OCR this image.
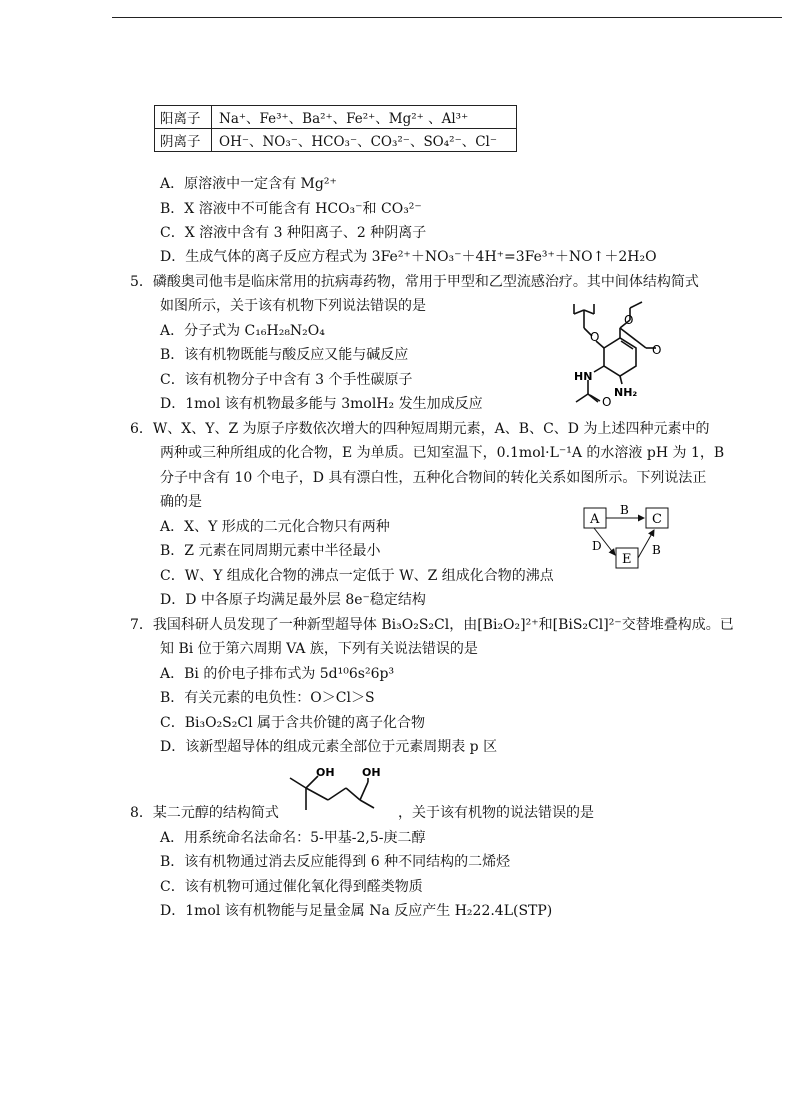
阳离子	Na⁺、Fe³⁺、Ba²⁺、Fe²⁺、Mg²⁺ 、Al³⁺
阴离子	OH⁻、NO₃⁻、HCO₃⁻、CO₃²⁻、SO₄²⁻、Cl⁻
A．原溶液中一定含有 Mg²⁺
B．X 溶液中不可能含有 HCO₃⁻和 CO₃²⁻
C．X 溶液中含有 3 种阳离子、2 种阴离子
D．生成气体的离子反应方程式为 3Fe²⁺＋NO₃⁻＋4H⁺=3Fe³⁺＋NO↑＋2H₂O
5．磷酸奥司他韦是临床常用的抗病毒药物，常用于甲型和乙型流感治疗。其中间体结构简式
如图所示，关于该有机物下列说法错误的是
A．分子式为 C₁₆H₂₈N₂O₄
B．该有机物既能与酸反应又能与碱反应
C．该有机物分子中含有 3 个手性碳原子
D．1mol 该有机物最多能与 3molH₂ 发生加成反应
O
O
O
O
HN
NH₂
6．W、X、Y、Z 为原子序数依次增大的四种短周期元素，A、B、C、D 为上述四种元素中的
两种或三种所组成的化合物，E 为单质。已知室温下，0.1mol·L⁻¹A 的水溶液 pH 为 1，B
分子中含有 10 个电子，D 具有漂白性，五种化合物间的转化关系如图所示。下列说法正
确的是
A．X、Y 形成的二元化合物只有两种
B．Z 元素在同周期元素中半径最小
C．W、Y 组成化合物的沸点一定低于 W、Z 组成化合物的沸点
D．D 中各原子均满足最外层 8e⁻稳定结构
A	C
E
B
D	B
7．我国科研人员发现了一种新型超导体 Bi₃O₂S₂Cl，由[Bi₂O₂]²⁺和[BiS₂Cl]²⁻交替堆叠构成。已
知 Bi 位于第六周期 VA 族，下列有关说法错误的是
A．Bi 的价电子排布式为 5d¹⁰6s²6p³
B．有关元素的电负性：O＞Cl＞S
C．Bi₃O₂S₂Cl 属于含共价键的离子化合物
D．该新型超导体的组成元素全部位于元素周期表 p 区
8．某二元醇的结构简式
OH OH
，关于该有机物的说法错误的是
A．用系统命名法命名：5-甲基-2,5-庚二醇
B．该有机物通过消去反应能得到 6 种不同结构的二烯烃
C．该有机物可通过催化氧化得到醛类物质
D．1mol 该有机物能与足量金属 Na 反应产生 H₂22.4L(STP)
